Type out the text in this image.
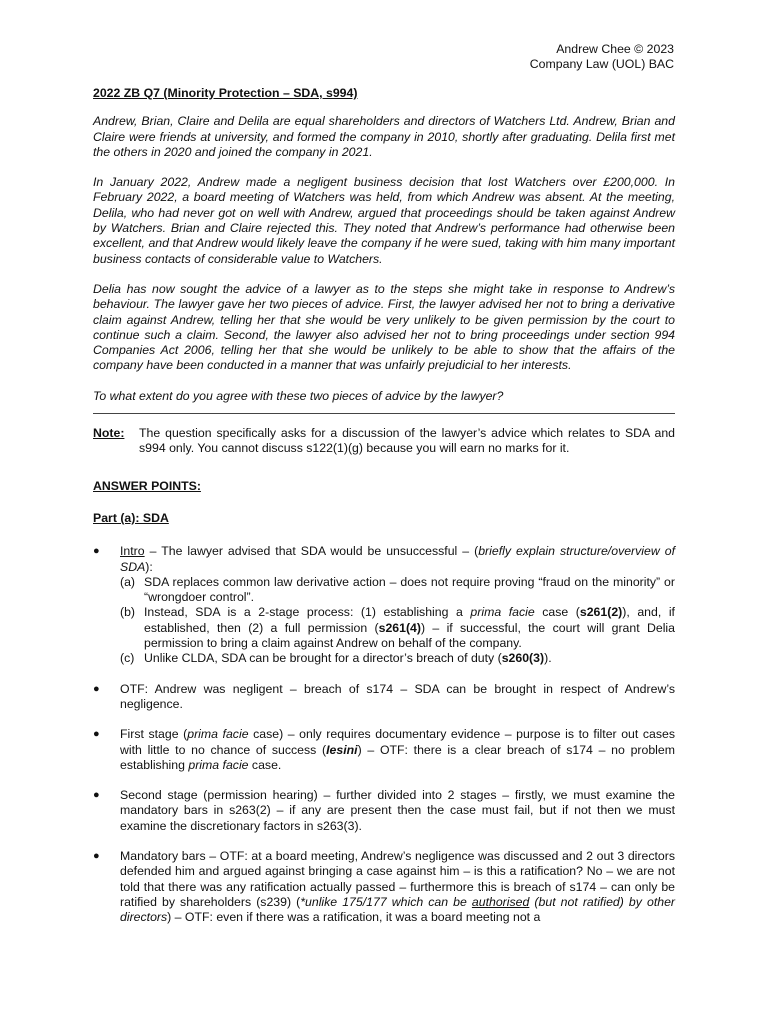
Andrew Chee © 2023
Company Law (UOL) BAC
2022 ZB Q7 (Minority Protection – SDA, s994)

Andrew, Brian, Claire and Delila are equal shareholders and directors of Watchers Ltd. Andrew, Brian and Claire were friends at university, and formed the company in 2010, shortly after graduating. Delila first met the others in 2020 and joined the company in 2021.

In January 2022, Andrew made a negligent business decision that lost Watchers over £200,000. In February 2022, a board meeting of Watchers was held, from which Andrew was absent. At the meeting, Delila, who had never got on well with Andrew, argued that proceedings should be taken against Andrew by Watchers. Brian and Claire rejected this. They noted that Andrew’s performance had otherwise been excellent, and that Andrew would likely leave the company if he were sued, taking with him many important business contacts of considerable value to Watchers.

Delia has now sought the advice of a lawyer as to the steps she might take in response to Andrew’s behaviour. The lawyer gave her two pieces of advice. First, the lawyer advised her not to bring a derivative claim against Andrew, telling her that she would be very unlikely to be given permission by the court to continue such a claim. Second, the lawyer also advised her not to bring proceedings under section 994 Companies Act 2006, telling her that she would be unlikely to be able to show that the affairs of the company have been conducted in a manner that was unfairly prejudicial to her interests.

To what extent do you agree with these two pieces of advice by the lawyer?

Note:	The question specifically asks for a discussion of the lawyer’s advice which relates to SDA and s994 only. You cannot discuss s122(1)(g) because you will earn no marks for it.
ANSWER POINTS:
Part (a): SDA
●	Intro – The lawyer advised that SDA would be unsuccessful – (briefly explain structure/overview of SDA):
(a) SDA replaces common law derivative action – does not require proving “fraud on the minority” or “wrongdoer control”.
(b) Instead, SDA is a 2-stage process: (1) establishing a prima facie case (s261(2)), and, if established, then (2) a full permission (s261(4)) – if successful, the court will grant Delia permission to bring a claim against Andrew on behalf of the company.
(c) Unlike CLDA, SDA can be brought for a director’s breach of duty (s260(3)).
●	OTF: Andrew was negligent – breach of s174 – SDA can be brought in respect of Andrew’s negligence.
●	First stage (prima facie case) – only requires documentary evidence – purpose is to filter out cases with little to no chance of success (Iesini) – OTF: there is a clear breach of s174 – no problem establishing prima facie case.
●	Second stage (permission hearing) – further divided into 2 stages – firstly, we must examine the mandatory bars in s263(2) – if any are present then the case must fail, but if not then we must examine the discretionary factors in s263(3).
●	Mandatory bars – OTF: at a board meeting, Andrew’s negligence was discussed and 2 out 3 directors defended him and argued against bringing a case against him – is this a ratification? No – we are not told that there was any ratification actually passed – furthermore this is breach of s174 – can only be ratified by shareholders (s239) (*unlike 175/177 which can be authorised (but not ratified) by other directors) – OTF: even if there was a ratification, it was a board meeting not a
